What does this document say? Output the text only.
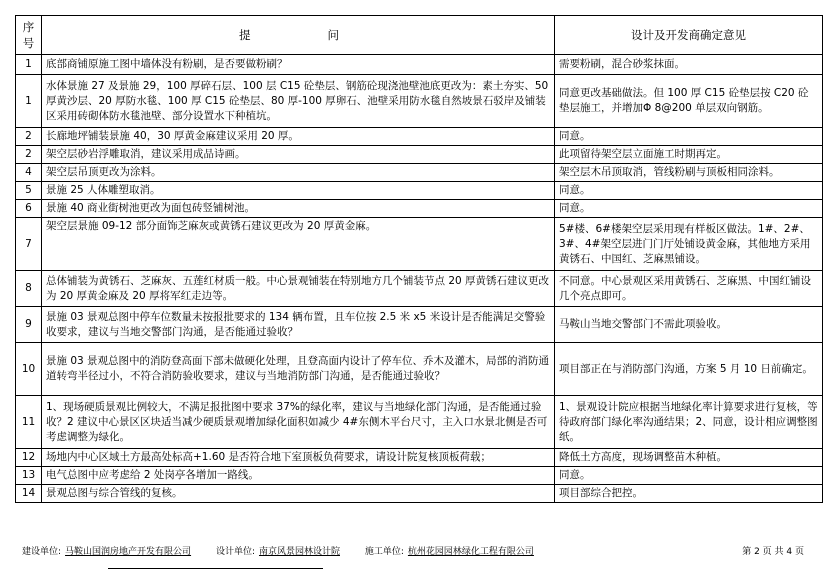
序
号	提　　问	设计及开发商确定意见
1	底部商铺原施工图中墙体没有粉刷，是否要做粉刷？	需要粉刷，混合砂浆抹面。
1	水体景施 27 及景施 29，100 厚碎石层、100 层 C15 砼垫层、钢筋砼现浇池壁池底更改为：素土夯实、50 厚黄沙层、20 厚防水毯、100 厚 C15 砼垫层、80 厚-100 厚卵石、池壁采用防水毯自然坡景石驳岸及铺装区采用砖砌体防水毯池壁、部分设置水下种植坑。	同意更改基础做法。但 100 厚 C15 砼垫层按 C20 砼垫层施工，并增加Φ 8@200 单层双向钢筋。
2	长廊地坪铺装景施 40，30 厚黄金麻建议采用 20 厚。	同意。
2	架空层砂岩浮雕取消，建议采用成品诗画。	此项留待架空层立面施工时期再定。
4	架空层吊顶更改为涂料。	架空层木吊顶取消，管线粉刷与顶板相同涂料。
5	景施 25 人体雕塑取消。	同意。
6	景施 40 商业街树池更改为面包砖竖铺树池。	同意。
7	架空层景施 09-12 部分面饰芝麻灰或黄锈石建议更改为 20 厚黄金麻。	5#楼、6#楼架空层采用现有样板区做法。1#、2#、3#、4#架空层进门门厅处铺设黄金麻，其他地方采用黄锈石、中国红、芝麻黑铺设。
8	总体铺装为黄锈石、芝麻灰、五莲红材质一般。中心景观铺装在特别地方几个铺装节点 20 厚黄锈石建议更改为 20 厚黄金麻及 20 厚将军红走边等。	不同意。中心景观区采用黄锈石、芝麻黑、中国红铺设几个亮点即可。
9	景施 03 景观总图中停车位数量未按报批要求的 134 辆布置，且车位按 2.5 米 x5 米设计是否能满足交警验收要求，建议与当地交警部门沟通，是否能通过验收？	马鞍山当地交警部门不需此项验收。
10	景施 03 景观总图中的消防登高面下部未做硬化处理，且登高面内设计了停车位、乔木及灌木，局部的消防通道转弯半径过小，不符合消防验收要求，建议与当地消防部门沟通，是否能通过验收？	项目部正在与消防部门沟通，方案 5 月 10 日前确定。
11	1、现场硬质景观比例较大，不满足报批图中要求 37%的绿化率，建议与当地绿化部门沟通，是否能通过验收？2 建议中心景区区块适当减少硬质景观增加绿化面积如减少 4#东侧木平台尺寸，主入口水景北侧是否可考虑调整为绿化。	1、景观设计院应根据当地绿化率计算要求进行复核，等待政府部门绿化率沟通结果；2、同意，设计相应调整图纸。
12	场地内中心区域土方最高处标高+1.60 是否符合地下室顶板负荷要求，请设计院复核顶板荷载；	降低土方高度，现场调整苗木种植。
13	电气总图中应考虑给 2 处岗亭各增加一路线。	同意。
14	景观总图与综合管线的复核。	项目部综合把控。
建设单位: 马鞍山国润房地产开发有限公司	设计单位: 南京风景园林设计院	施工单位: 杭州花园园林绿化工程有限公司	第 2 页 共 4 页
